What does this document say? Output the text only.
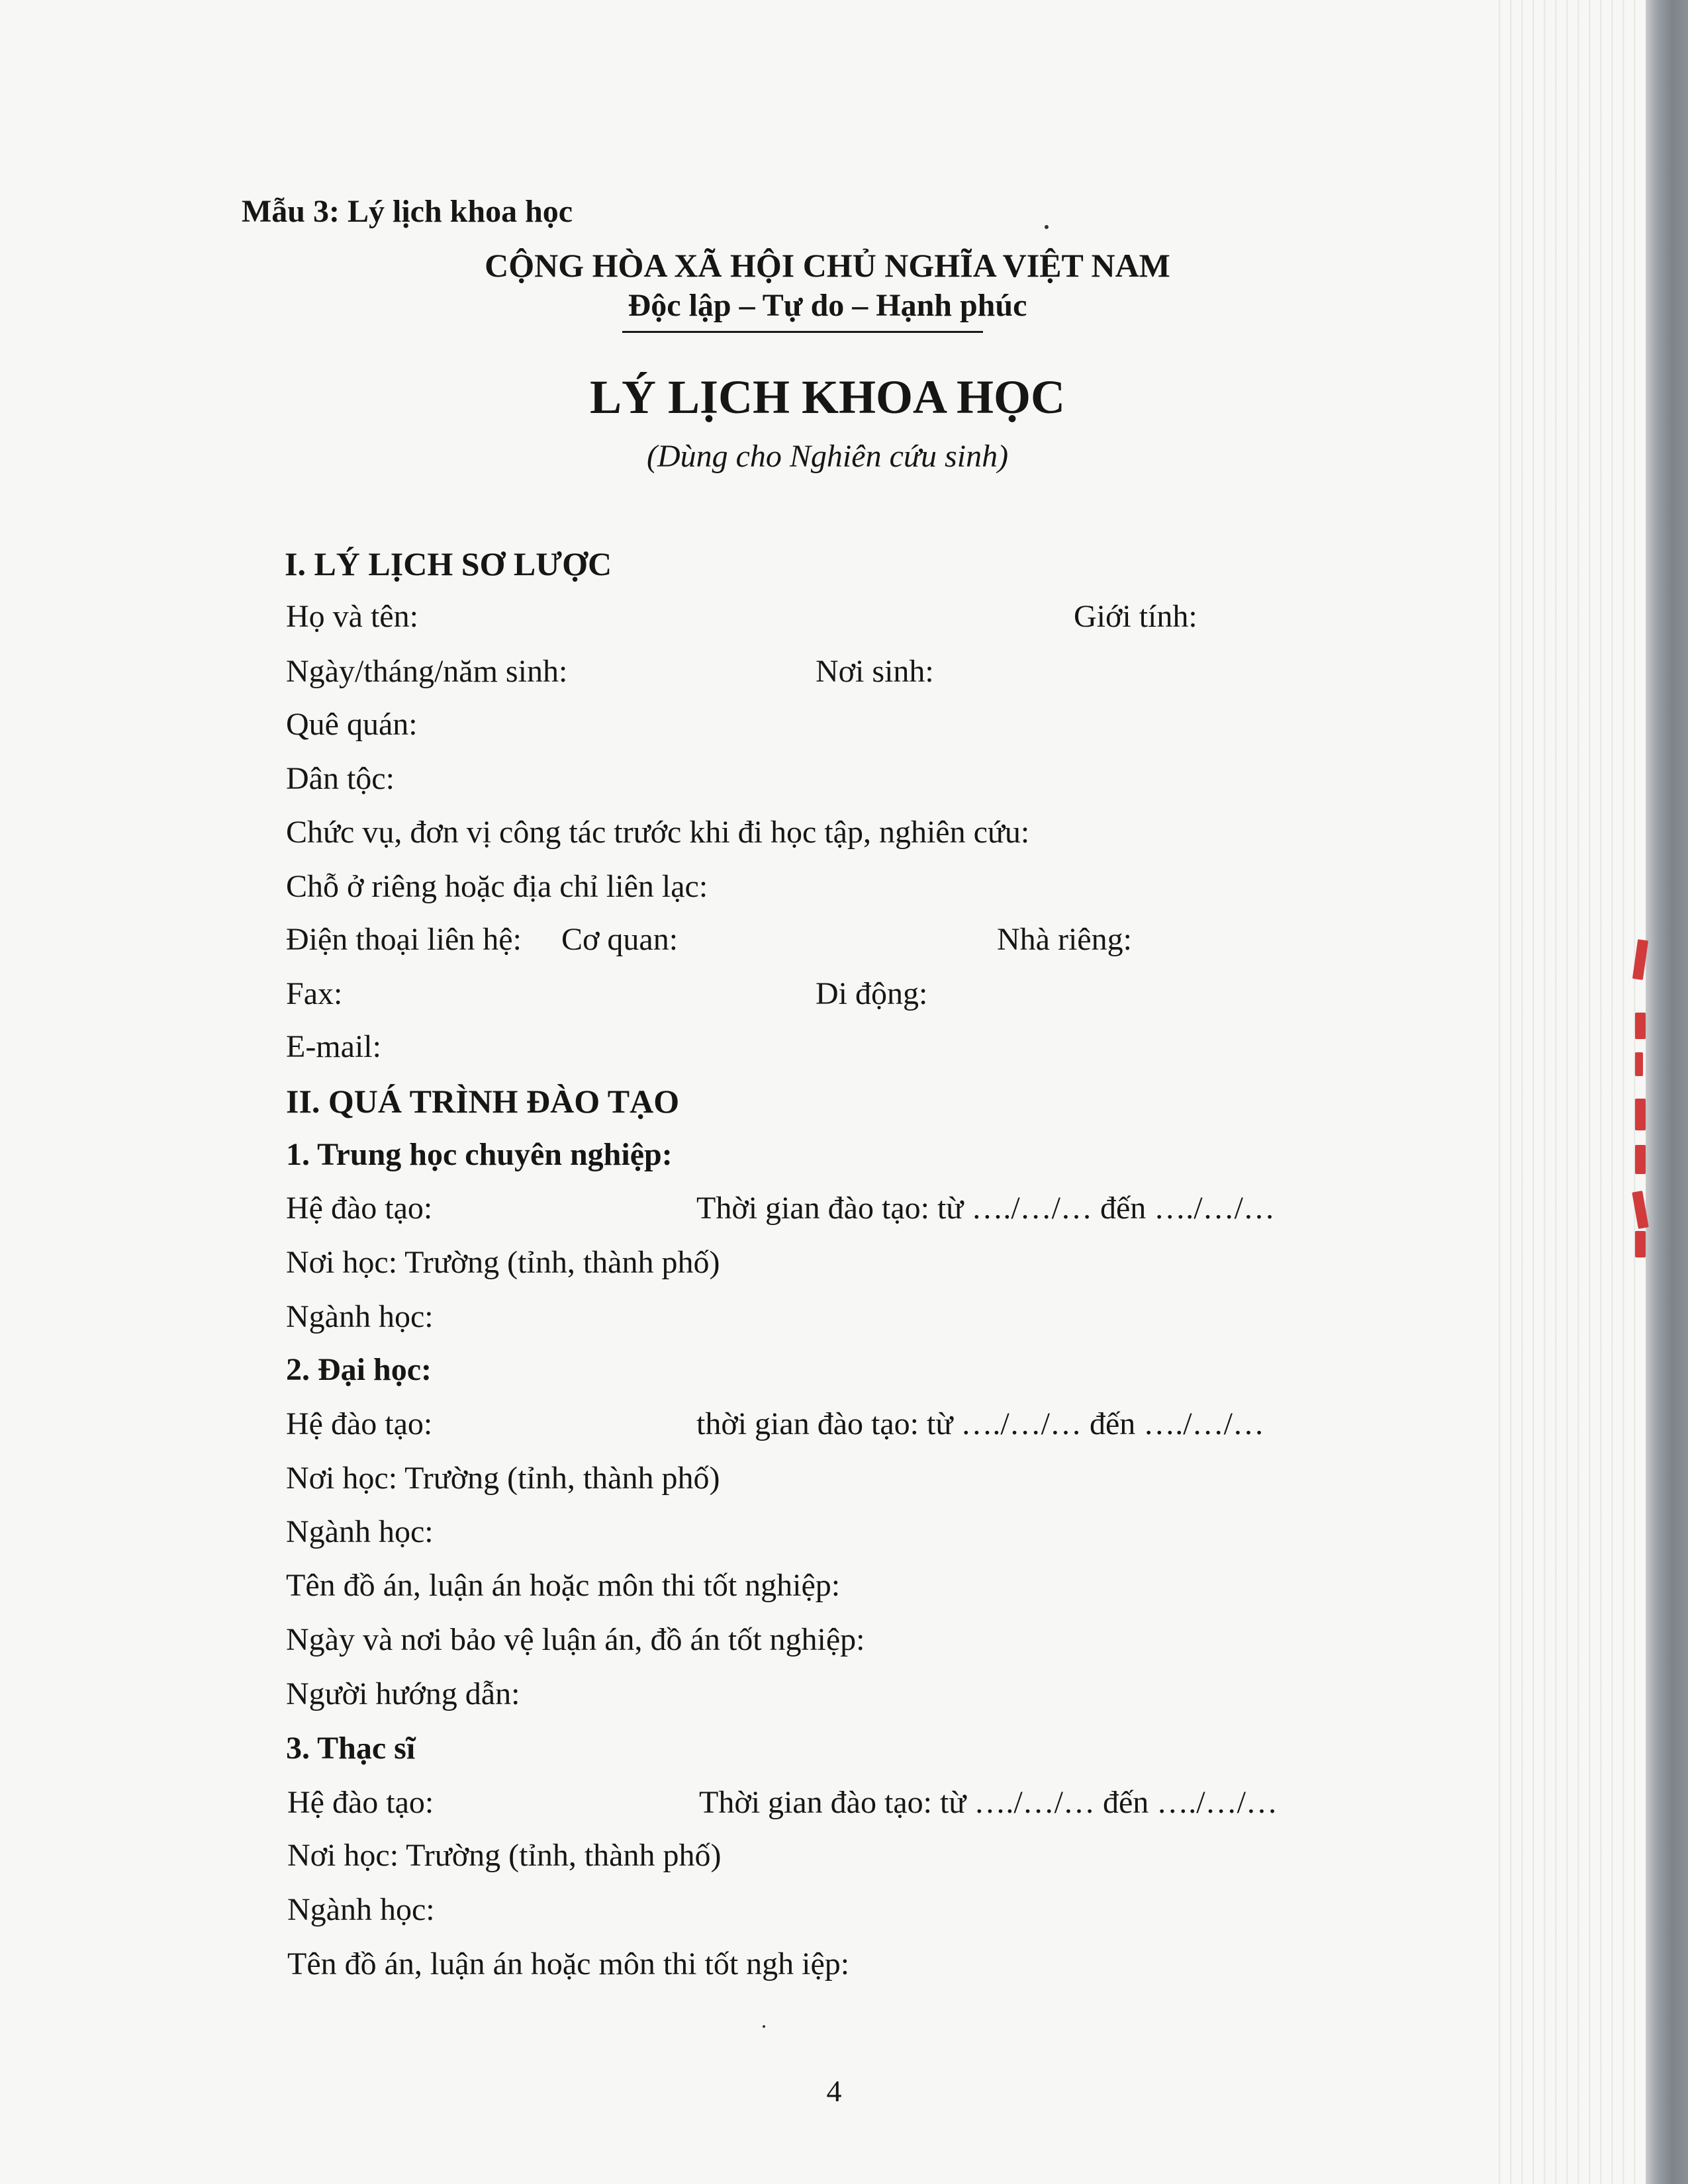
Mẫu 3: Lý lịch khoa học
CỘNG HÒA XÃ HỘI CHỦ NGHĨA VIỆT NAM
Độc lập – Tự do – Hạnh phúc
LÝ LỊCH KHOA HỌC
(Dùng cho Nghiên cứu sinh)
I. LÝ LỊCH SƠ LƯỢC
Họ và tên:	Giới tính:
Ngày/tháng/năm sinh:	Nơi sinh:
Quê quán:
Dân tộc:
Chức vụ, đơn vị công tác trước khi đi học tập, nghiên cứu:
Chỗ ở riêng hoặc địa chỉ liên lạc:
Điện thoại liên hệ: Cơ quan:	Nhà riêng:
Fax:	Di động:
E-mail:
II. QUÁ TRÌNH ĐÀO TẠO
1. Trung học chuyên nghiệp:
Hệ đào tạo:	Thời gian đào tạo: từ …./…/… đến …./…/…
Nơi học: Trường (tỉnh, thành phố)
Ngành học:
2. Đại học:
Hệ đào tạo:	thời gian đào tạo: từ …./…/… đến …./…/…
Nơi học: Trường (tỉnh, thành phố)
Ngành học:
Tên đồ án, luận án hoặc môn thi tốt nghiệp:
Ngày và nơi bảo vệ luận án, đồ án tốt nghiệp:
Người hướng dẫn:
3. Thạc sĩ
Hệ đào tạo:	Thời gian đào tạo: từ …./…/… đến …./…/…
Nơi học: Trường (tỉnh, thành phố)
Ngành học:
Tên đồ án, luận án hoặc môn thi tốt ngh iệp:
4
